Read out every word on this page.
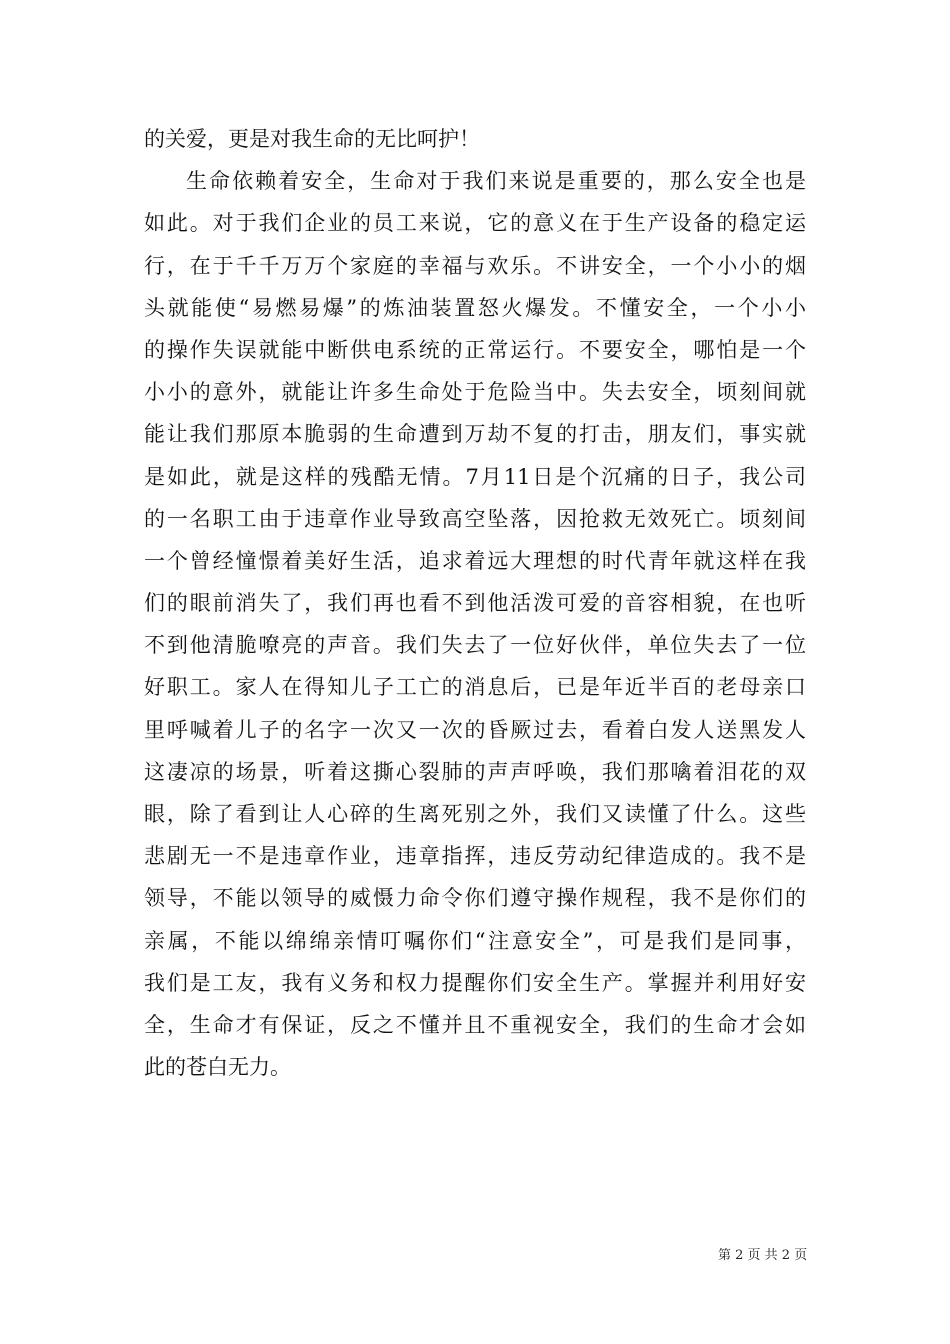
的关爱，更是对我生命的无比呵护！
生命依赖着安全，生命对于我们来说是重要的，那么安全也是
如此。对于我们企业的员工来说，它的意义在于生产设备的稳定运
行，在于千千万万个家庭的幸福与欢乐。不讲安全，一个小小的烟
头就能使“易燃易爆”的炼油装置怒火爆发。不懂安全，一个小小
的操作失误就能中断供电系统的正常运行。不要安全，哪怕是一个
小小的意外，就能让许多生命处于危险当中。失去安全，顷刻间就
能让我们那原本脆弱的生命遭到万劫不复的打击，朋友们，事实就
是如此，就是这样的残酷无情。7月11日是个沉痛的日子，我公司
的一名职工由于违章作业导致高空坠落，因抢救无效死亡。顷刻间
一个曾经憧憬着美好生活，追求着远大理想的时代青年就这样在我
们的眼前消失了，我们再也看不到他活泼可爱的音容相貌，在也听
不到他清脆嘹亮的声音。我们失去了一位好伙伴，单位失去了一位
好职工。家人在得知儿子工亡的消息后，已是年近半百的老母亲口
里呼喊着儿子的名字一次又一次的昏厥过去，看着白发人送黑发人
这凄凉的场景，听着这撕心裂肺的声声呼唤，我们那噙着泪花的双
眼，除了看到让人心碎的生离死别之外，我们又读懂了什么。这些
悲剧无一不是违章作业，违章指挥，违反劳动纪律造成的。我不是
领导，不能以领导的威慑力命令你们遵守操作规程，我不是你们的
亲属，不能以绵绵亲情叮嘱你们“注意安全”，可是我们是同事，
我们是工友，我有义务和权力提醒你们安全生产。掌握并利用好安
全，生命才有保证，反之不懂并且不重视安全，我们的生命才会如
此的苍白无力。
第 2 页 共 2 页
